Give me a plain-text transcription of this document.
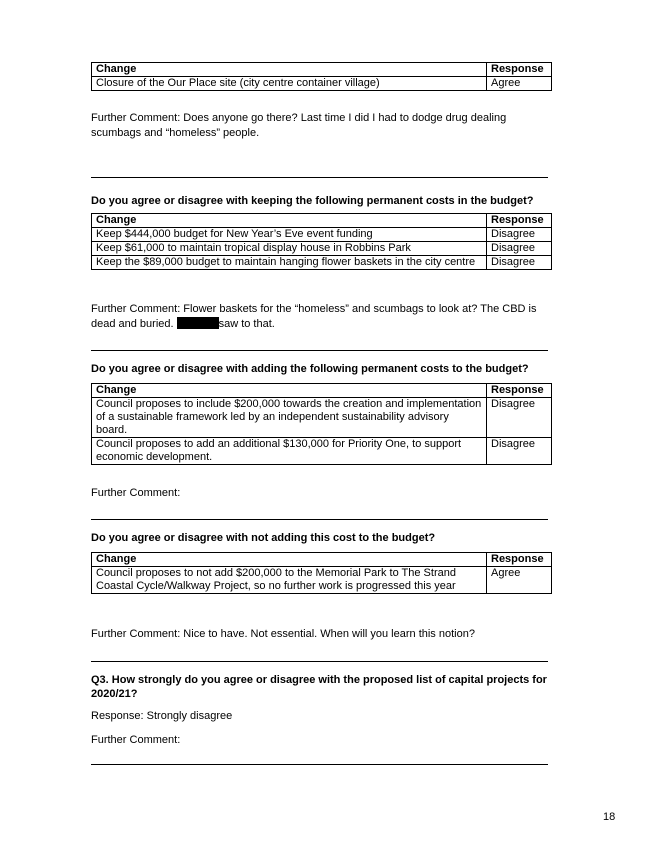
Change	Response
Closure of the Our Place site (city centre container village)	Agree
Further Comment: Does anyone go there? Last time I did I had to dodge drug dealing scumbags and “homeless” people.
Do you agree or disagree with keeping the following permanent costs in the budget?
Change	Response
Keep $444,000 budget for New Year’s Eve event funding	Disagree
Keep $61,000 to maintain tropical display house in Robbins Park	Disagree
Keep the $89,000 budget to maintain hanging flower baskets in the city centre	Disagree
Further Comment: Flower baskets for the “homeless” and scumbags to look at? The CBD is dead and buried.	saw to that.
Do you agree or disagree with adding the following permanent costs to the budget?
Change	Response
Council proposes to include $200,000 towards the creation and implementation of a sustainable framework led by an independent sustainability advisory board.	Disagree
Council proposes to add an additional $130,000 for Priority One, to support economic development.	Disagree
Further Comment:
Do you agree or disagree with not adding this cost to the budget?
Change	Response
Council proposes to not add $200,000 to the Memorial Park to The Strand Coastal Cycle/Walkway Project, so no further work is progressed this year	Agree
Further Comment: Nice to have. Not essential. When will you learn this notion?
Q3. How strongly do you agree or disagree with the proposed list of capital projects for 2020/21?
Response: Strongly disagree
Further Comment:
18
